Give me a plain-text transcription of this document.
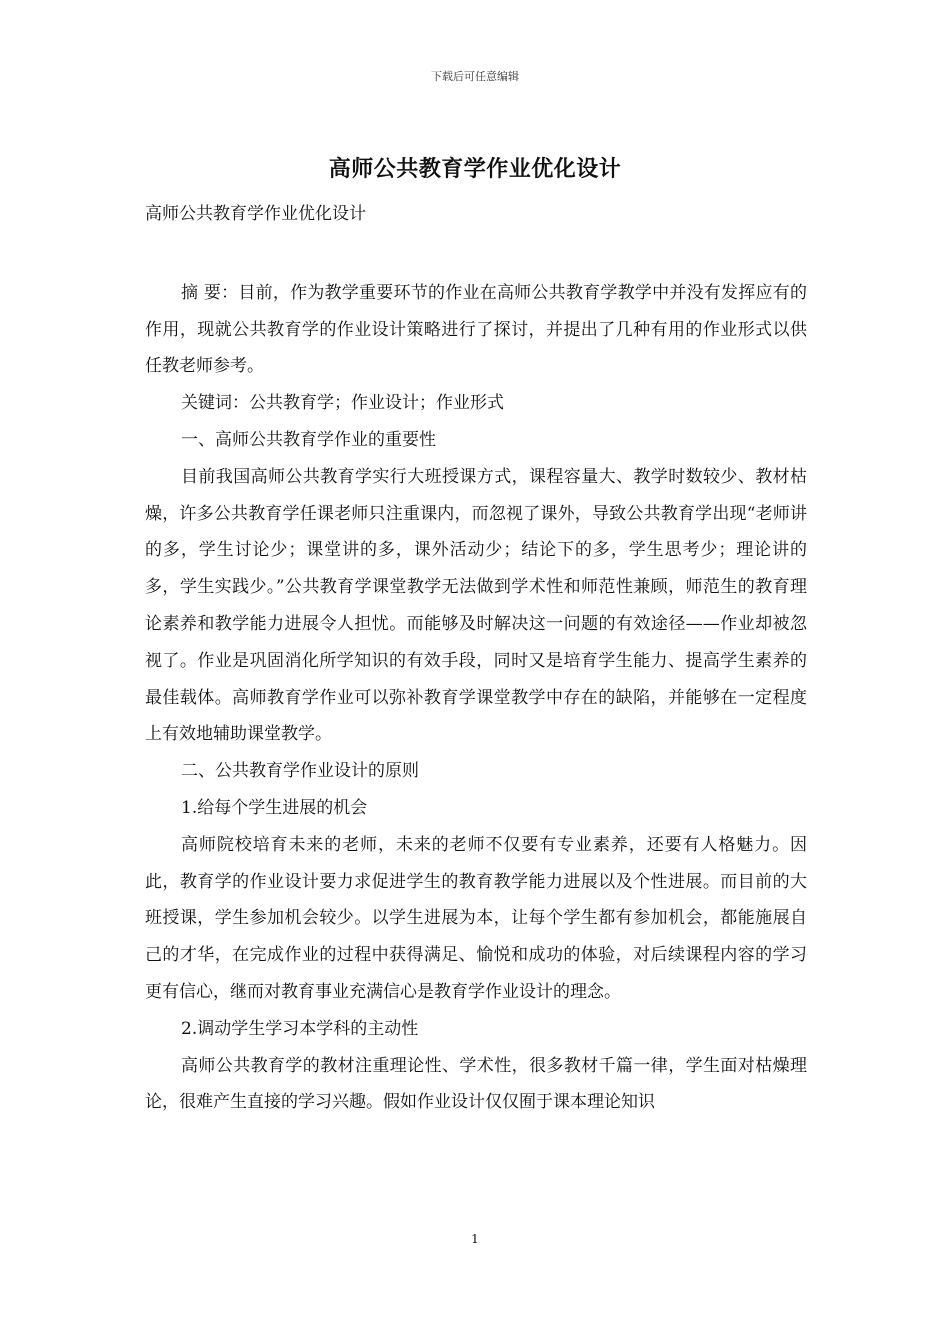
下载后可任意编辑
高师公共教育学作业优化设计

高师公共教育学作业优化设计

摘 要：目前，作为教学重要环节的作业在高师公共教育学教学中并没有发挥应有的作用，现就公共教育学的作业设计策略进行了探讨，并提出了几种有用的作业形式以供任教老师参考。

关键词：公共教育学；作业设计；作业形式

一、高师公共教育学作业的重要性

目前我国高师公共教育学实行大班授课方式，课程容量大、教学时数较少、教材枯燥，许多公共教育学任课老师只注重课内，而忽视了课外，导致公共教育学出现“老师讲的多，学生讨论少；课堂讲的多，课外活动少；结论下的多，学生思考少；理论讲的多，学生实践少。”公共教育学课堂教学无法做到学术性和师范性兼顾，师范生的教育理论素养和教学能力进展令人担忧。而能够及时解决这一问题的有效途径——作业却被忽视了。作业是巩固消化所学知识的有效手段，同时又是培育学生能力、提高学生素养的最佳载体。高师教育学作业可以弥补教育学课堂教学中存在的缺陷，并能够在一定程度上有效地辅助课堂教学。

二、公共教育学作业设计的原则

1.给每个学生进展的机会

高师院校培育未来的老师，未来的老师不仅要有专业素养，还要有人格魅力。因此，教育学的作业设计要力求促进学生的教育教学能力进展以及个性进展。而目前的大班授课，学生参加机会较少。以学生进展为本，让每个学生都有参加机会，都能施展自己的才华，在完成作业的过程中获得满足、愉悦和成功的体验，对后续课程内容的学习更有信心，继而对教育事业充满信心是教育学作业设计的理念。

2.调动学生学习本学科的主动性

高师公共教育学的教材注重理论性、学术性，很多教材千篇一律，学生面对枯燥理论，很难产生直接的学习兴趣。假如作业设计仅仅囿于课本理论知识

1
